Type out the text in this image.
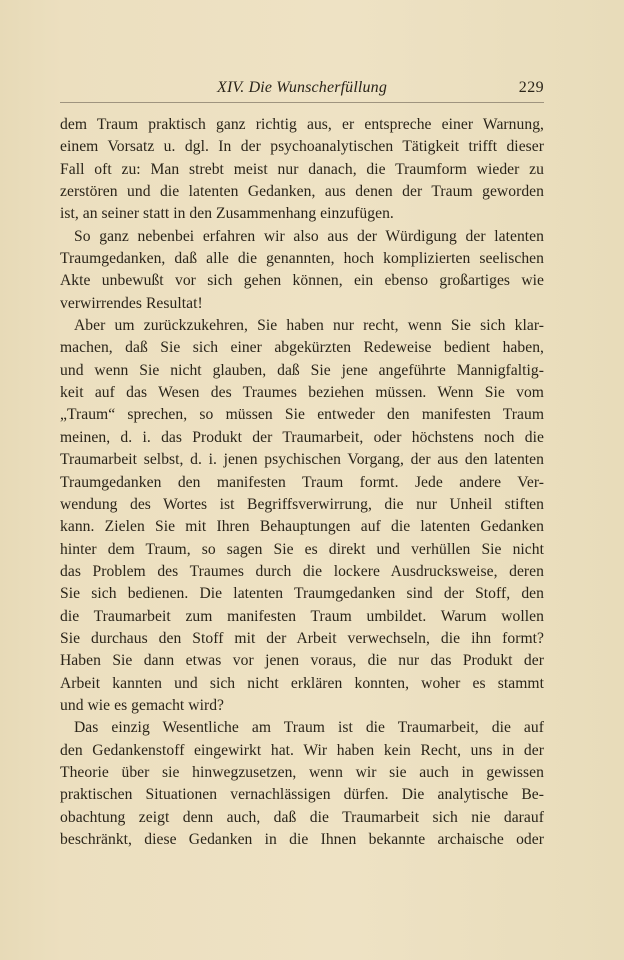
XIV. Die Wunscherfüllung	229
dem Traum praktisch ganz richtig aus, er entspreche einer Warnung,
einem Vorsatz u. dgl. In der psychoanalytischen Tätigkeit trifft dieser
Fall oft zu: Man strebt meist nur danach, die Traumform wieder zu
zerstören und die latenten Gedanken, aus denen der Traum geworden
ist, an seiner statt in den Zusammenhang einzufügen.
So ganz nebenbei erfahren wir also aus der Würdigung der latenten
Traumgedanken, daß alle die genannten, hoch komplizierten seelischen
Akte unbewußt vor sich gehen können, ein ebenso großartiges wie
verwirrendes Resultat!
Aber um zurückzukehren, Sie haben nur recht, wenn Sie sich klar-
machen, daß Sie sich einer abgekürzten Redeweise bedient haben,
und wenn Sie nicht glauben, daß Sie jene angeführte Mannigfaltig-
keit auf das Wesen des Traumes beziehen müssen. Wenn Sie vom
„Traum“ sprechen, so müssen Sie entweder den manifesten Traum
meinen, d. i. das Produkt der Traumarbeit, oder höchstens noch die
Traumarbeit selbst, d. i. jenen psychischen Vorgang, der aus den latenten
Traumgedanken den manifesten Traum formt. Jede andere Ver-
wendung des Wortes ist Begriffsverwirrung, die nur Unheil stiften
kann. Zielen Sie mit Ihren Behauptungen auf die latenten Gedanken
hinter dem Traum, so sagen Sie es direkt und verhüllen Sie nicht
das Problem des Traumes durch die lockere Ausdrucksweise, deren
Sie sich bedienen. Die latenten Traumgedanken sind der Stoff, den
die Traumarbeit zum manifesten Traum umbildet. Warum wollen
Sie durchaus den Stoff mit der Arbeit verwechseln, die ihn formt?
Haben Sie dann etwas vor jenen voraus, die nur das Produkt der
Arbeit kannten und sich nicht erklären konnten, woher es stammt
und wie es gemacht wird?
Das einzig Wesentliche am Traum ist die Traumarbeit, die auf
den Gedankenstoff eingewirkt hat. Wir haben kein Recht, uns in der
Theorie über sie hinwegzusetzen, wenn wir sie auch in gewissen
praktischen Situationen vernachlässigen dürfen. Die analytische Be-
obachtung zeigt denn auch, daß die Traumarbeit sich nie darauf
beschränkt, diese Gedanken in die Ihnen bekannte archaische oder
